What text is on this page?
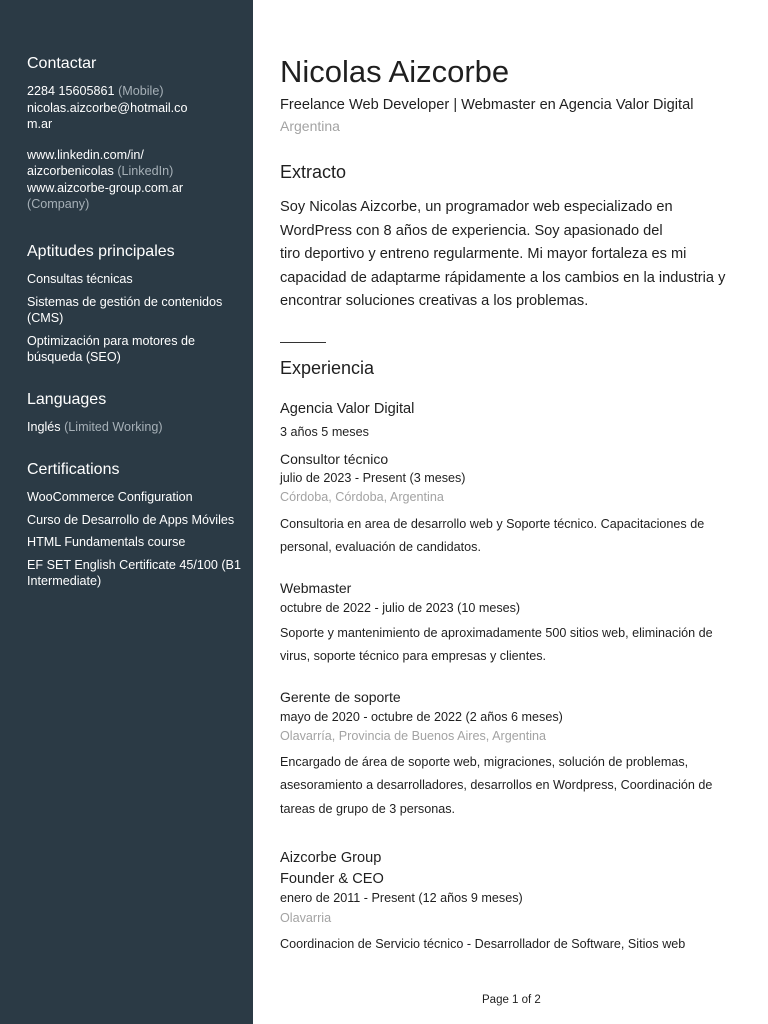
Contactar
2284 15605861 (Mobile)
nicolas.aizcorbe@hotmail.co
m.ar
www.linkedin.com/in/
aizcorbenicolas (LinkedIn)
www.aizcorbe-group.com.ar
(Company)
Aptitudes principales
Consultas técnicas
Sistemas de gestión de contenidos (CMS)
Optimización para motores de búsqueda (SEO)
Languages
Inglés (Limited Working)
Certifications
WooCommerce Configuration
Curso de Desarrollo de Apps Móviles
HTML Fundamentals course
EF SET English Certificate 45/100 (B1 Intermediate)
Nicolas Aizcorbe
Freelance Web Developer | Webmaster en Agencia Valor Digital
Argentina
Extracto
Soy Nicolas Aizcorbe, un programador web especializado en
WordPress con 8 años de experiencia. Soy apasionado del
tiro deportivo y entreno regularmente. Mi mayor fortaleza es mi
capacidad de adaptarme rápidamente a los cambios en la industria y
encontrar soluciones creativas a los problemas.
Experiencia
Agencia Valor Digital
3 años 5 meses
Consultor técnico
julio de 2023 - Present (3 meses)
Córdoba, Córdoba, Argentina
Consultoria en area de desarrollo web y Soporte técnico. Capacitaciones de
personal, evaluación de candidatos.
Webmaster
octubre de 2022 - julio de 2023 (10 meses)
Soporte y mantenimiento de aproximadamente 500 sitios web, eliminación de
virus, soporte técnico para empresas y clientes.
Gerente de soporte
mayo de 2020 - octubre de 2022 (2 años 6 meses)
Olavarría, Provincia de Buenos Aires, Argentina
Encargado de área de soporte web, migraciones, solución de problemas,
asesoramiento a desarrolladores, desarrollos en Wordpress, Coordinación de
tareas de grupo de 3 personas.
Aizcorbe Group
Founder & CEO
enero de 2011 - Present (12 años 9 meses)
Olavarria
Coordinacion de Servicio técnico - Desarrollador de Software, Sitios web
Page 1 of 2
